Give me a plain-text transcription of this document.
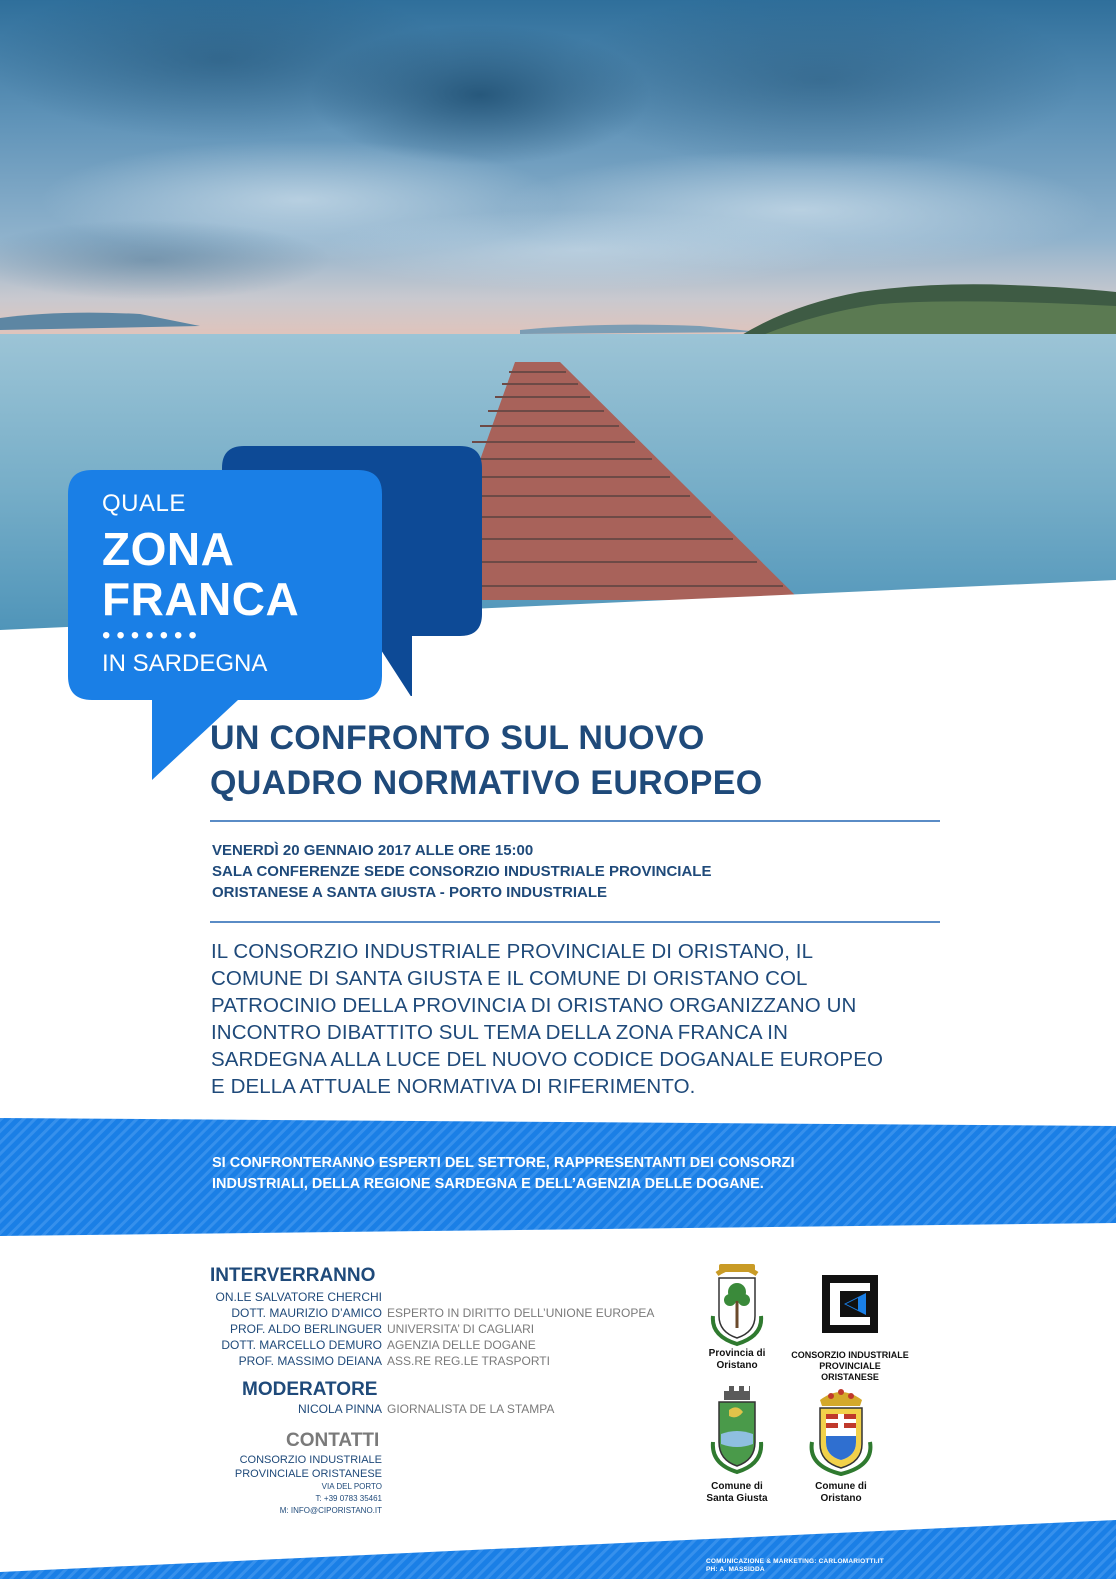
QUALE
ZONA
FRANCA
•••••••
IN SARDEGNA
UN CONFRONTO SUL NUOVO
QUADRO NORMATIVO EUROPEO
VENERDÌ 20 GENNAIO 2017 ALLE ORE 15:00
SALA CONFERENZE SEDE CONSORZIO INDUSTRIALE PROVINCIALE
ORISTANESE A SANTA GIUSTA - PORTO INDUSTRIALE
IL CONSORZIO INDUSTRIALE PROVINCIALE DI ORISTANO, IL
COMUNE DI SANTA GIUSTA E IL COMUNE DI ORISTANO COL
PATROCINIO DELLA PROVINCIA DI ORISTANO ORGANIZZANO UN
INCONTRO DIBATTITO SUL TEMA DELLA ZONA FRANCA IN
SARDEGNA ALLA LUCE DEL NUOVO CODICE DOGANALE EUROPEO
E DELLA ATTUALE NORMATIVA DI RIFERIMENTO.
SI CONFRONTERANNO ESPERTI DEL SETTORE, RAPPRESENTANTI DEI CONSORZI
INDUSTRIALI, DELLA REGIONE SARDEGNA E DELL’AGENZIA DELLE DOGANE.
INTERVERRANNO
ON.LE SALVATORE CHERCHI
DOTT. MAURIZIO D’AMICO
PROF. ALDO BERLINGUER
DOTT. MARCELLO DEMURO
PROF. MASSIMO DEIANA
ESPERTO IN DIRITTO DELL’UNIONE EUROPEA
UNIVERSITA’ DI CAGLIARI
AGENZIA DELLE DOGANE
ASS.RE REG.LE TRASPORTI
MODERATORE
NICOLA PINNA GIORNALISTA DE LA STAMPA
CONTATTI
CONSORZIO INDUSTRIALE
PROVINCIALE ORISTANESE
VIA DEL PORTO
T: +39 0783 35461
M: INFO@CIPORISTANO.IT
Provincia di
Oristano
CONSORZIO INDUSTRIALE
PROVINCIALE ORISTANESE
Comune di
Santa Giusta
Comune di
Oristano
COMUNICAZIONE & MARKETING: CARLOMARIOTTI.IT
PH: A. MASSIDDA
